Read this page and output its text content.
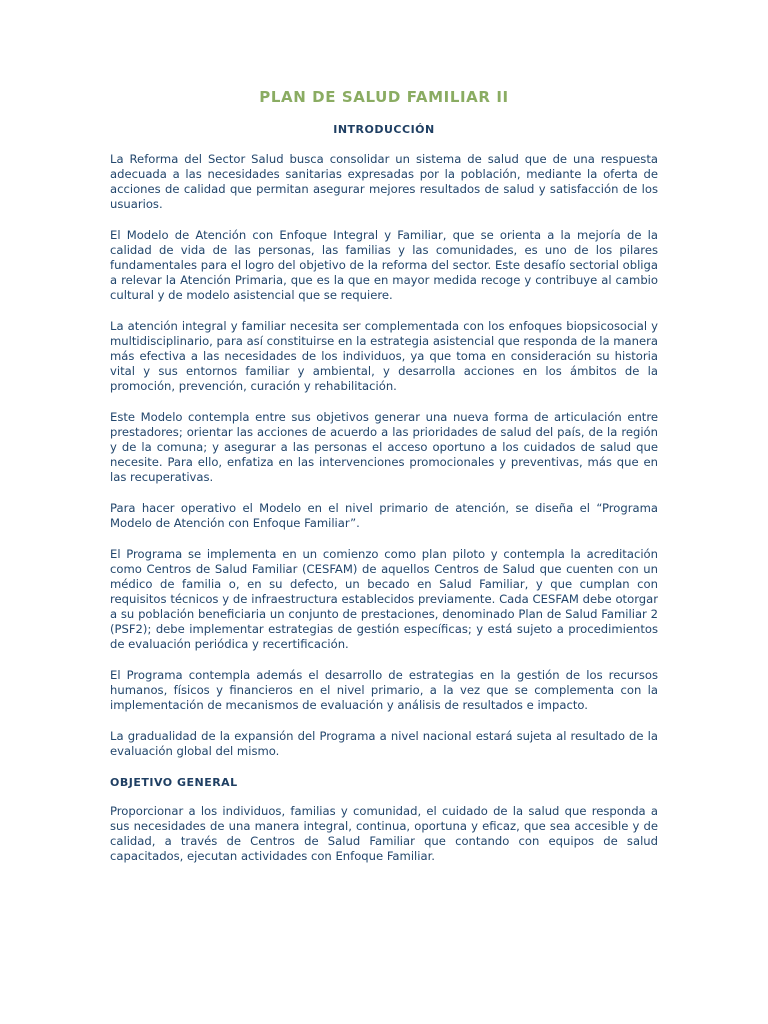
PLAN DE SALUD FAMILIAR II
INTRODUCCIÓN

La Reforma del Sector Salud busca consolidar un sistema de salud que de una respuesta adecuada a las necesidades sanitarias expresadas por la población, mediante la oferta de acciones de calidad que permitan asegurar mejores resultados de salud y satisfacción de los usuarios.

El Modelo de Atención con Enfoque Integral y Familiar, que se orienta a la mejoría de la calidad de vida de las personas, las familias y las comunidades, es uno de los pilares fundamentales para el logro del objetivo de la reforma del sector. Este desafío sectorial obliga a relevar la Atención Primaria, que es la que en mayor medida recoge y contribuye al cambio cultural y de modelo asistencial que se requiere.

La atención integral y familiar necesita ser complementada con los enfoques biopsicosocial y multidisciplinario, para así constituirse en la estrategia asistencial que responda de la manera más efectiva a las necesidades de los individuos, ya que toma en consideración su historia vital y sus entornos familiar y ambiental, y desarrolla acciones en los ámbitos de la promoción, prevención, curación y rehabilitación.

Este Modelo contempla entre sus objetivos generar una nueva forma de articulación entre prestadores; orientar las acciones de acuerdo a las prioridades de salud del país, de la región y de la comuna; y asegurar a las personas el acceso oportuno a los cuidados de salud que necesite. Para ello, enfatiza en las intervenciones promocionales y preventivas, más que en las recuperativas.

Para hacer operativo el Modelo en el nivel primario de atención, se diseña el “Programa Modelo de Atención con Enfoque Familiar”.

El Programa se implementa en un comienzo como plan piloto y contempla la acreditación como Centros de Salud Familiar (CESFAM) de aquellos Centros de Salud que cuenten con un médico de familia o, en su defecto, un becado en Salud Familiar, y que cumplan con requisitos técnicos y de infraestructura establecidos previamente. Cada CESFAM debe otorgar a su población beneficiaria un conjunto de prestaciones, denominado Plan de Salud Familiar 2 (PSF2); debe implementar estrategias de gestión específicas; y está sujeto a procedimientos de evaluación periódica y recertificación.

El Programa contempla además el desarrollo de estrategias en la gestión de los recursos humanos, físicos y financieros en el nivel primario, a la vez que se complementa con la implementación de mecanismos de evaluación y análisis de resultados e impacto.

La gradualidad de la expansión del Programa a nivel nacional estará sujeta al resultado de la evaluación global del mismo.

OBJETIVO GENERAL

Proporcionar a los individuos, familias y comunidad, el cuidado de la salud que responda a sus necesidades de una manera integral, continua, oportuna y eficaz, que sea accesible y de calidad, a través de Centros de Salud Familiar que contando con equipos de salud capacitados, ejecutan actividades con Enfoque Familiar.
